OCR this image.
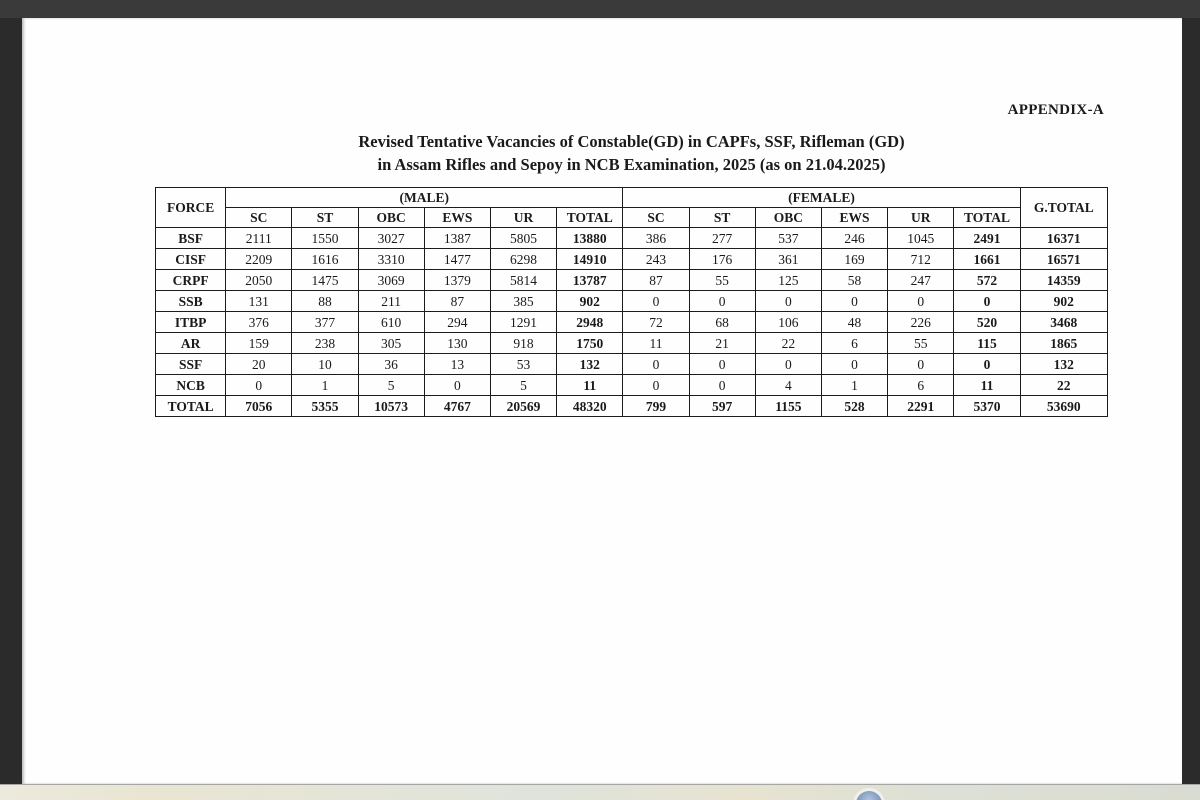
APPENDIX-A
Revised Tentative Vacancies of Constable(GD) in CAPFs, SSF, Rifleman (GD)
in Assam Rifles and Sepoy in NCB Examination, 2025 (as on 21.04.2025)
FORCE	(MALE)						(FEMALE)						G.TOTAL
	SC	ST	OBC	EWS	UR	TOTAL	SC	ST	OBC	EWS	UR	TOTAL	
BSF	2111	1550	3027	1387	5805	13880	386	277	537	246	1045	2491	16371
CISF	2209	1616	3310	1477	6298	14910	243	176	361	169	712	1661	16571
CRPF	2050	1475	3069	1379	5814	13787	87	55	125	58	247	572	14359
SSB	131	88	211	87	385	902	0	0	0	0	0	0	902
ITBP	376	377	610	294	1291	2948	72	68	106	48	226	520	3468
AR	159	238	305	130	918	1750	11	21	22	6	55	115	1865
SSF	20	10	36	13	53	132	0	0	0	0	0	0	132
NCB	0	1	5	0	5	11	0	0	4	1	6	11	22
TOTAL	7056	5355	10573	4767	20569	48320	799	597	1155	528	2291	5370	53690
